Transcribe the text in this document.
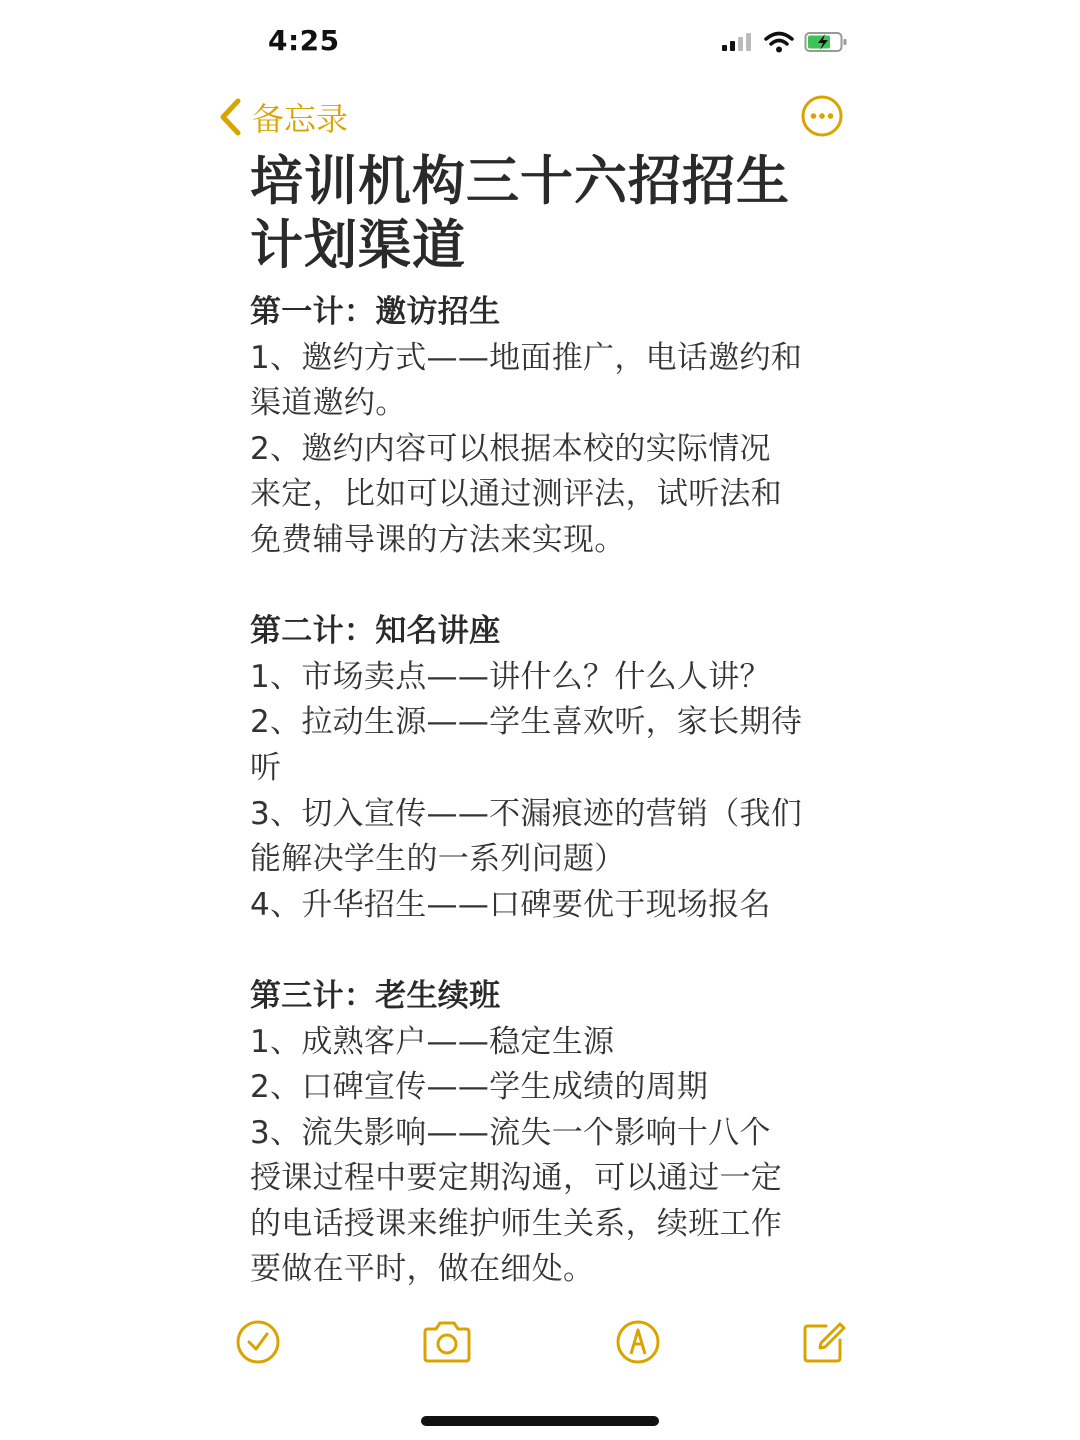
4:25
备忘录
培训机构三十六招招生
计划渠道
第一计：邀访招生
1、邀约方式——地面推广，电话邀约和
渠道邀约。
2、邀约内容可以根据本校的实际情况
来定，比如可以通过测评法，试听法和
免费辅导课的方法来实现。
第二计：知名讲座
1、市场卖点——讲什么？什么人讲？
2、拉动生源——学生喜欢听，家长期待
听
3、切入宣传——不漏痕迹的营销（我们
能解决学生的一系列问题）
4、升华招生——口碑要优于现场报名
第三计：老生续班
1、成熟客户——稳定生源
2、口碑宣传——学生成绩的周期
3、流失影响——流失一个影响十八个
授课过程中要定期沟通，可以通过一定
的电话授课来维护师生关系，续班工作
要做在平时，做在细处。
